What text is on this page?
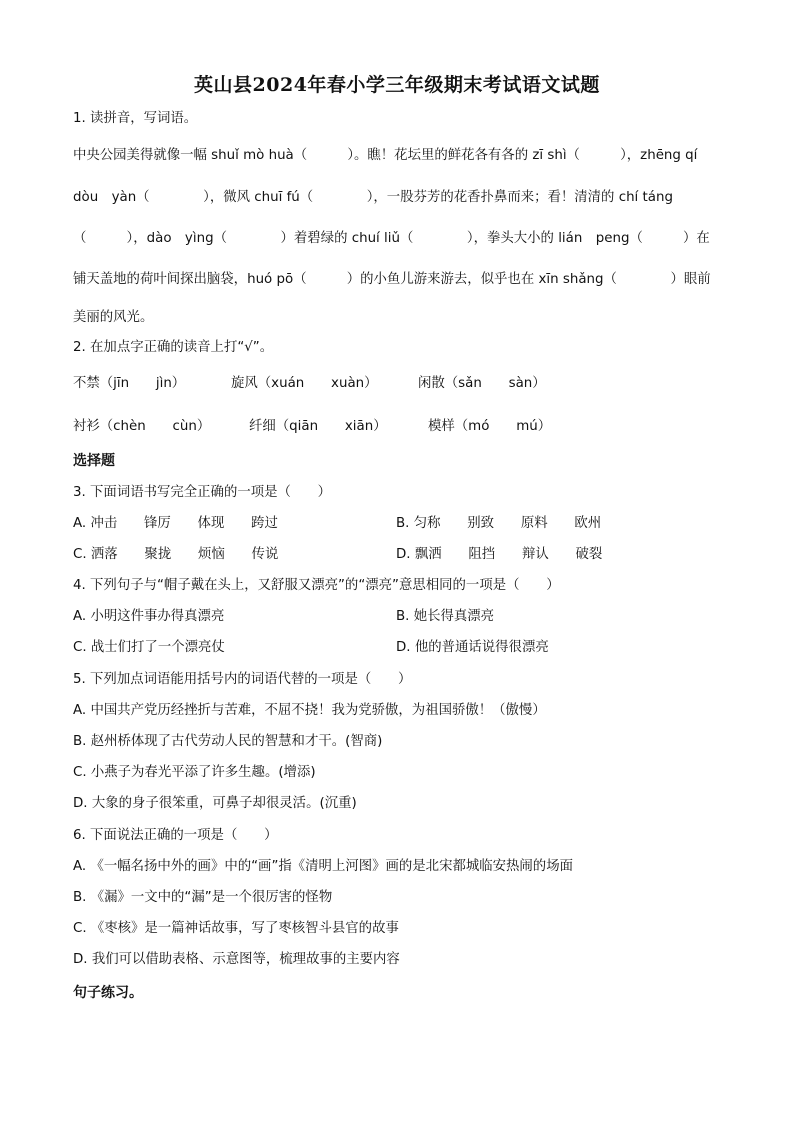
英山县2024年春小学三年级期末考试语文试题
1. 读拼音，写词语。
中央公园美得就像一幅 shuǐ mò huà（　　　）。瞧！花坛里的鲜花各有各的 zī shì（　　　），zhēng qí
dòu　yàn（　　　　），微风 chuī fú（　　　　），一股芬芳的花香扑鼻而来；看！清清的 chí táng
（　　　），dào　yìng（　　　　）着碧绿的 chuí liǔ（　　　　），拳头大小的 lián　peng（　　　）在
铺天盖地的荷叶间探出脑袋，huó pō（　　　）的小鱼儿游来游去，似乎也在 xīn shǎng（　　　　）眼前
美丽的风光。
2. 在加点字正确的读音上打“√”。
不禁（jīn　　jìn）	旋风（xuán　　xuàn）	闲散（sǎn　　sàn）
衬衫（chèn　　cùn）	纤细（qiān　　xiān）	模样（mó　　mú）
选择题
3. 下面词语书写完全正确的一项是（　　）
A. 冲击　　锋厉　　体现　　跨过	B. 匀称　　别致　　原料　　欧州
C. 洒落　　聚拢　　烦恼　　传说	D. 飘洒　　阻挡　　辩认　　破裂
4. 下列句子与“帽子戴在头上，又舒服又漂亮”的“漂亮”意思相同的一项是（　　）
A. 小明这件事办得真漂亮	B. 她长得真漂亮
C. 战士们打了一个漂亮仗	D. 他的普通话说得很漂亮
5. 下列加点词语能用括号内的词语代替的一项是（　　）
A. 中国共产党历经挫折与苦难，不屈不挠！我为党骄傲，为祖国骄傲！（傲慢）
B. 赵州桥体现了古代劳动人民的智慧和才干。(智商)
C. 小燕子为春光平添了许多生趣。(增添)
D. 大象的身子很笨重，可鼻子却很灵活。(沉重)
6. 下面说法正确的一项是（　　）
A. 《一幅名扬中外的画》中的“画”指《清明上河图》画的是北宋都城临安热闹的场面
B. 《漏》一文中的“漏”是一个很厉害的怪物
C. 《枣核》是一篇神话故事，写了枣核智斗县官的故事
D. 我们可以借助表格、示意图等，梳理故事的主要内容
句子练习。
